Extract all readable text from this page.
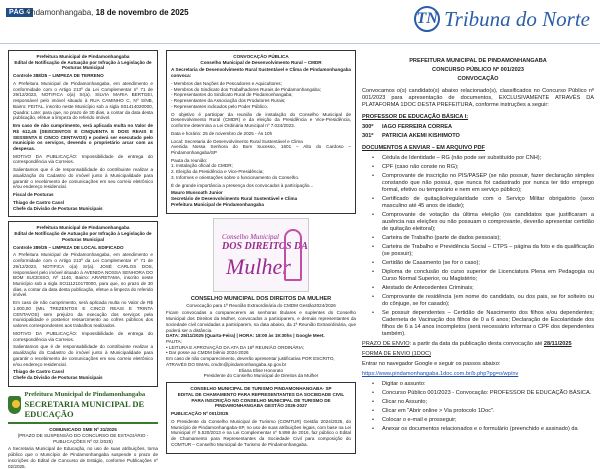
PÁG.4
Pindamonhangaba, 18 de novembro de 2025	TN Tribuna do Norte
Prefeitura Municipal de Pindamonhangaba
Edital de Notificação de Autuação por Infração à Legislação de Posturas Municipal

Controle 388/25 – LIMPEZA DE TERRENO

A Prefeitura Municipal de Pindamonhangaba, em atendimento e conformidade com o Artigo 213º da Lei Complementar nº 71 de 29/12/2023, NOTIFICA o(a) Sr(a). SILVIA MARIA BERTGEI, responsável pelo imóvel situado à RUA CAMINHO C, Nº S/NB, Bairro: FEITAL, inscrito neste Município sob a sigla S01414020000, Quadra: Lote: para que, no prazo de 30 dias, a contar da data desta publicação, efetue a limpeza do referido imóvel.

Em caso de não cumprimento, será aplicada multa no Valor de R$ 612,45 (SEISCENTOS E CINQUENTA E DOIS REAIS E SESSENTA E CINCO CENTAVOS) e poderá ser executado pelo município os serviços, devendo o proprietário arcar com as despesas.

MOTIVO DA PUBLICAÇÃO: Impossibilidade de entrega do correspondência via Correios.

Salientamos que é de responsabilidade do contribuinte realizar a atualização do Cadastro do imóvel junto à Municipalidade para garantir o recebimento de comunicações em seu correio eletrônico e/ou endereço residencial.

Fiscal de Posturas

Thiago de Castro Cassl
Chefe da Divisão de Posturas Municipais

Prefeitura Municipal de Pindamonhangaba
Edital de Notificação de Autuação por Infração à Legislação de Posturas Municipal

Controle 389/25 – LIMPEZA DE LOCAL EDIFICADO

A Prefeitura Municipal de Pindamonhangaba, em atendimento e conformidade com o Artigo 213º da Lei Complementar nº 71 de 29/12/2023, NOTIFICA o(a) Sr(a). JOSÉ CARLOS DOS, responsável pelo imóvel situado à AVENIDA NOSSA SENHORA DO BOM SUCESSO, Nº 1140, Bairro: ARARETAMA, inscrito neste Município sob a sigla SO111210170000, para que, no prazo de 30 dias, a contar da data desta publicação, efetue a limpeza do referido imóvel.

Em caso de não cumprimento, será aplicada multa no Valor de R$ 1.000,00 (MIL TREZENTOS E CINCO REAIS E TRINTA CENTAVOS) sem prejuízo da execução dos serviços pela municipalidade e posterior ressarcimento ao cofres públicos dos valores correspondentes aos trabalhos realizados.

MOTIVO DA PUBLICAÇÃO: Impossibilidade de entrega do correspondência via Correios.

Salientamos que é de responsabilidade do contribuinte realizar a atualização do Cadastro do imóvel junto à Municipalidade para garantir o recebimento de comunicações em seu correio eletrônico e/ou endereço residencial.

Thiago de Castro Cassl
Chefe da Divisão de Posturas Municipais

Prefeitura Municipal de Pindamonhangaba
SECRETARIA MUNICIPAL DE EDUCAÇÃO

COMUNICADO SME Nº 31/2025

(PRAZO DE SUSPENSÃO DO CONCURSO DE ESTAGIÁRIO - PUBLICAÇÕES Nº 02 /2025)

A Secretaria Municipal de Educação, no uso de suas atribuições, torna público que o Município de Pindamonhangaba suspende o prazo de inscrições do Edital de Concurso de Estágio, conforme Publicações nº 02/2025.

CONVOCAÇÃO PÚBLICA
Conselho Municipal de Desenvolvimento Rural – CMDR

A Secretaria de Desenvolvimento Rural Sustentável e Clima de Pindamonhangaba convoca:

- Membros das Nações de Pescadores e Aquicultores;
- Membros do Sindicato dos Trabalhadores Rurais de Pindamonhangaba;
- Representantes do Sindicato Rural de Pindamonhangaba;
- Representantes da Associação dos Produtores Rurais;
- Representantes indicados pelo Poder Público.

O objetivo é participar da reunião de instalação do Conselho Municipal de Desenvolvimento Rural (CMDR) e da eleição da Presidência e Vice-Presidência, conforme determina a Lei Ordinária Municipal nº 7.024/2023.

Data e horário: 25 de novembro de 2025 - Às 10h

Local: Secretaria de Desenvolvimento Rural Sustentável e Clima
Avenida Nossa Senhora do Bom Sucesso, 1601 – Alto do Cardoso – Pindamonhangaba/SP

Pauta da reunião:
1. Instalação oficial do CMDR;
2. Eleição da Presidência e Vice-Presidência;
3. Informes e orientações sobre o funcionamento do Conselho.

É de grande importância a presença dos convocados à participação...

Mauro Mussoath Junior
Secretário de Desenvolvimento Rural Sustentável e Clima
Prefeitura Municipal de Pindamonhangaba

Conselho Municipal
DOS DIREITOS DA
Mulher

CONSELHO MUNICIPAL DOS DIREITOS DA MULHER

Convocação para 1ª Reunião Extraordinária do CMDM Gestão2024/2026

Ficam convocadas a comparecerem as senhoras titulares e suplentes do Conselho Municipal dos Direitos da Mulher, convocados a participarem, e demais representantes da sociedade civil convidadas a participarem, na data abaixo, da 1ª Reunião Extraordinária, que poderá ser a distância.

DATA: 25/11/2025 (Quarta-Feira) | HORA: 18:00 às 19:30hs | Google Meet.

PAUTA:
• LEITURA E APROVAÇÃO DA ATA DA 16ª REUNIÃO ORDINÁRIA;
• Dar posse ao CMDM biênio 2024-2026

Em caso de não comparecimento, deverão apresentar justificativa POR ESCRITO, ATRAVÉS DO EMAIL cmdm@pindamonhangaba.sp.gov.br

Eliana Elise Honorato
Presidente do Conselho Municipal de Direitos da Mulher

CONSELHO MUNICIPAL DE TURISMO PINDAMONHANGABA- SP
EDITAL DE CHAMAMENTO PARA REPRESENTANTES DA SOCIEDADE CIVIL PARA INSCRIÇÃO NO CONSELHO MUNICIPAL DE TURISMO DE PINDAMONHANGABA GESTÃO 2026-2027

PUBLICAÇÃO Nº 001/2025

O Presidente do Conselho Municipal de Turismo (COMTUR) Gestão 2024/2025, do Município de Pindamonhangaba-SP, no uso de suas atribuições legais, com base na Lei Municipal nº 5.520/2013 e na Lei Complementar nº 5.898 de 2016, faz público o Edital de Chamamento para Representantes da Sociedade Civil para composição do COMTUR – Conselho Municipal de Turismo de Pindamonhangaba.

PREFEITURA MUNICIPAL DE PINDAMONHANGABA
CONCURSO PÚBLICO Nº 001/2023
CONVOCAÇÃO

Convocamos o(s) candidato(s) abaixo relacionado(s), classificados no Concurso Público nº 001/2023 para apresentação de documentos, EXCLUSIVAMENTE ATRAVÉS DA PLATAFORMA 1DOC DESTA PREFEITURA, conforme instruções a seguir:

PROFESSOR DE EDUCAÇÃO BÁSICA I:
300º	IAGO FERREIRA CORREA
301º	PATRICIA AKEMI KISHIMOTO
DOCUMENTOS A ENVIAR – EM ARQUIVO PDF
• Cédula de Identidade – RG (não pode ser substituído por CNH);
• CPF (caso não conste no RG);
• Comprovante de inscrição no PIS/PASEP (se não possuir, fazer declaração simples constando que não possui, que nunca foi cadastrado por nunca ter tido emprego formal, efetivo ou temporário e nem em serviço público);
• Certificado de quitação/regularidade com o Serviço Militar obrigatório (sexo masculino até 45 anos de idade);
• Comprovante de votação da última eleição (os candidatos que justificaram a ausência nas eleições ou não possuam o comprovante, deverão apresentar certidão de quitação eleitoral);
• Carteira de Trabalho (parte de dados pessoais);
• Carteira de Trabalho e Previdência Social – CTPS – página da foto e da qualificação (se possuir);
• Certidão de Casamento (se for o caso);
• Diploma de conclusão do curso superior de Licenciatura Plena em Pedagogia ou Curso Normal Superior, ou Magistério;
• Atestado de Antecedentes Criminais;
• Comprovante de residência (em nome do candidato, ou dos pais, se for solteiro ou do cônjuge, se for casado);
• Se possuir dependentes – Certidão de Nascimento dos filhos e/ou dependentes; Caderneta de Vacinação dos filhos de 0 a 6 anos; Declaração de Escolaridade dos filhos de 6 a 14 anos incompletos (será necessário informar o CPF dos dependentes também).

PRAZO DE ENVIO: a partir da data da publicação desta convocação até 28/11/2025

FORMA DE ENVIO (1DOC)

Entrar no navegador Google e seguir os passos abaixo:

https://www.pindamonhangaba.1doc.com.br/b.php?pg=o/wp/nv

• Digitar o assunto:
• Concurso Público 001/2023 - Convocação: PROFESSOR DE EDUCAÇÃO BÁSICA.
• Clicar no Assunto;
• Clicar em "Abrir online > Via protocolo 1Doc".
• Colocar o e-mail e prosseguir;
• Anexar os documentos relacionados e o formulário (preenchido e assinado) da
